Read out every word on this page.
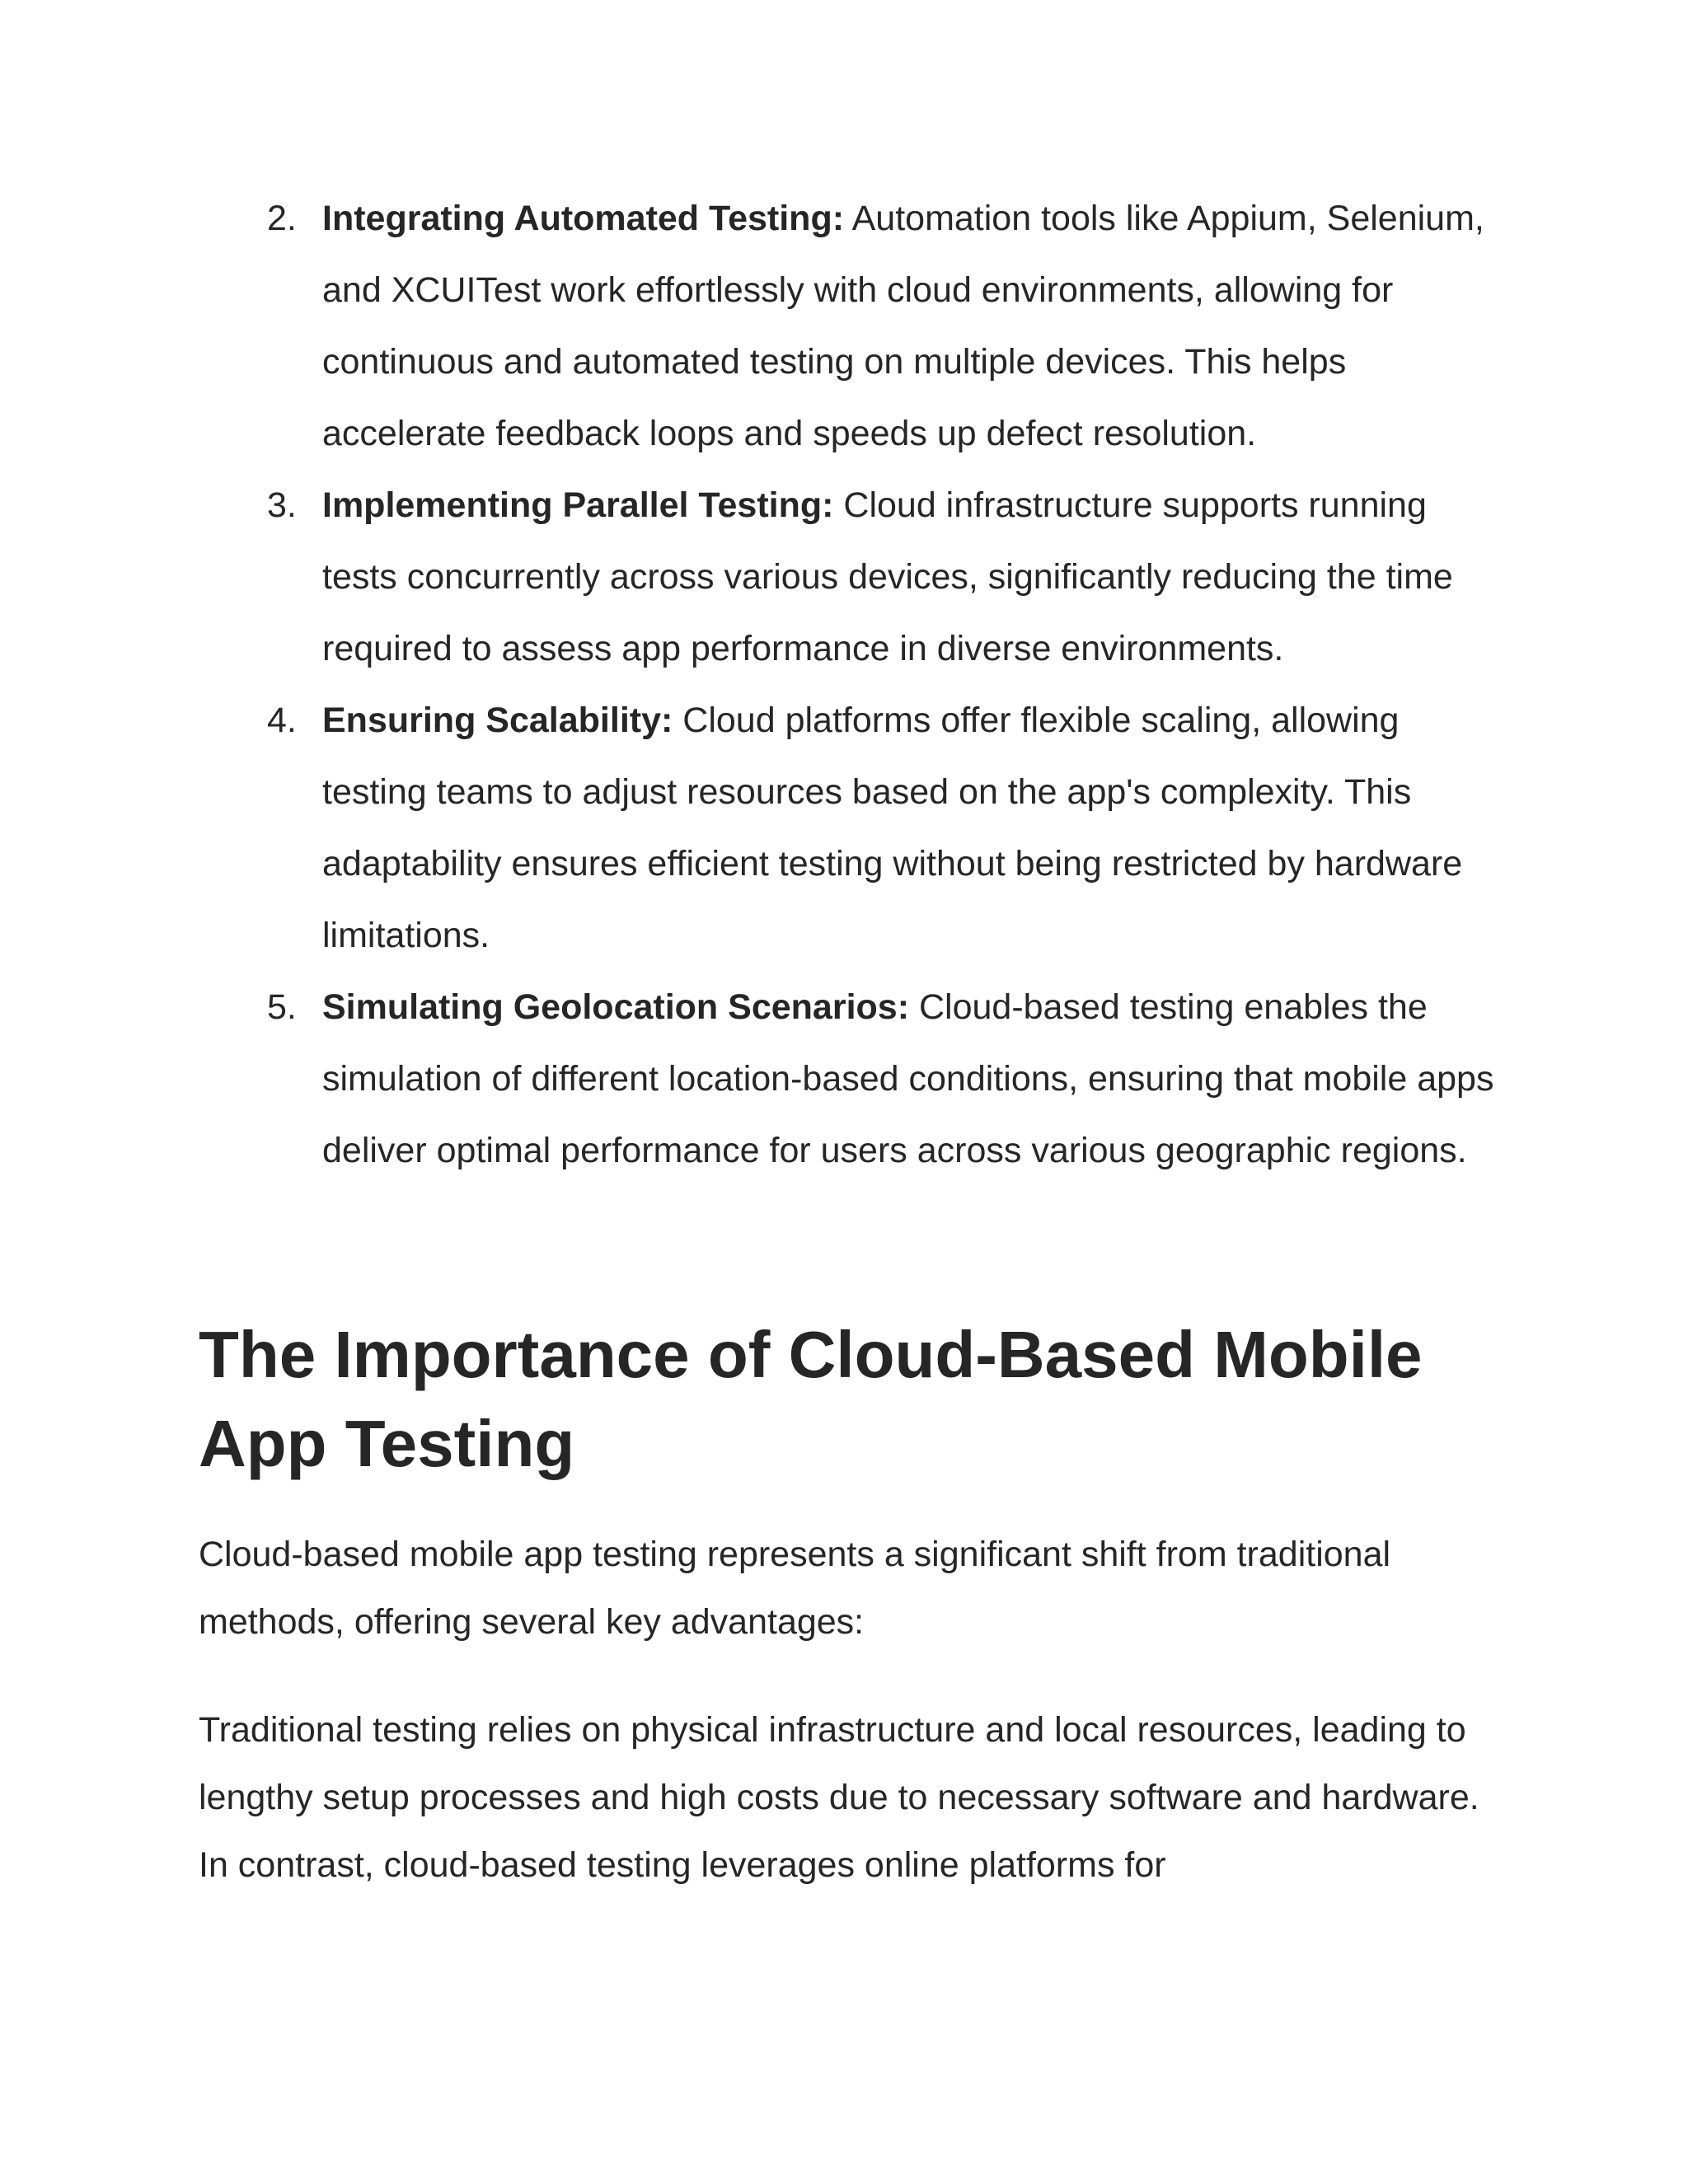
2. Integrating Automated Testing: Automation tools like Appium, Selenium, and XCUITest work effortlessly with cloud environments, allowing for continuous and automated testing on multiple devices. This helps accelerate feedback loops and speeds up defect resolution.
3. Implementing Parallel Testing: Cloud infrastructure supports running tests concurrently across various devices, significantly reducing the time required to assess app performance in diverse environments.
4. Ensuring Scalability: Cloud platforms offer flexible scaling, allowing testing teams to adjust resources based on the app's complexity. This adaptability ensures efficient testing without being restricted by hardware limitations.
5. Simulating Geolocation Scenarios: Cloud-based testing enables the simulation of different location-based conditions, ensuring that mobile apps deliver optimal performance for users across various geographic regions.
The Importance of Cloud-Based Mobile App Testing

Cloud-based mobile app testing represents a significant shift from traditional methods, offering several key advantages:

Traditional testing relies on physical infrastructure and local resources, leading to lengthy setup processes and high costs due to necessary software and hardware. In contrast, cloud-based testing leverages online platforms for
